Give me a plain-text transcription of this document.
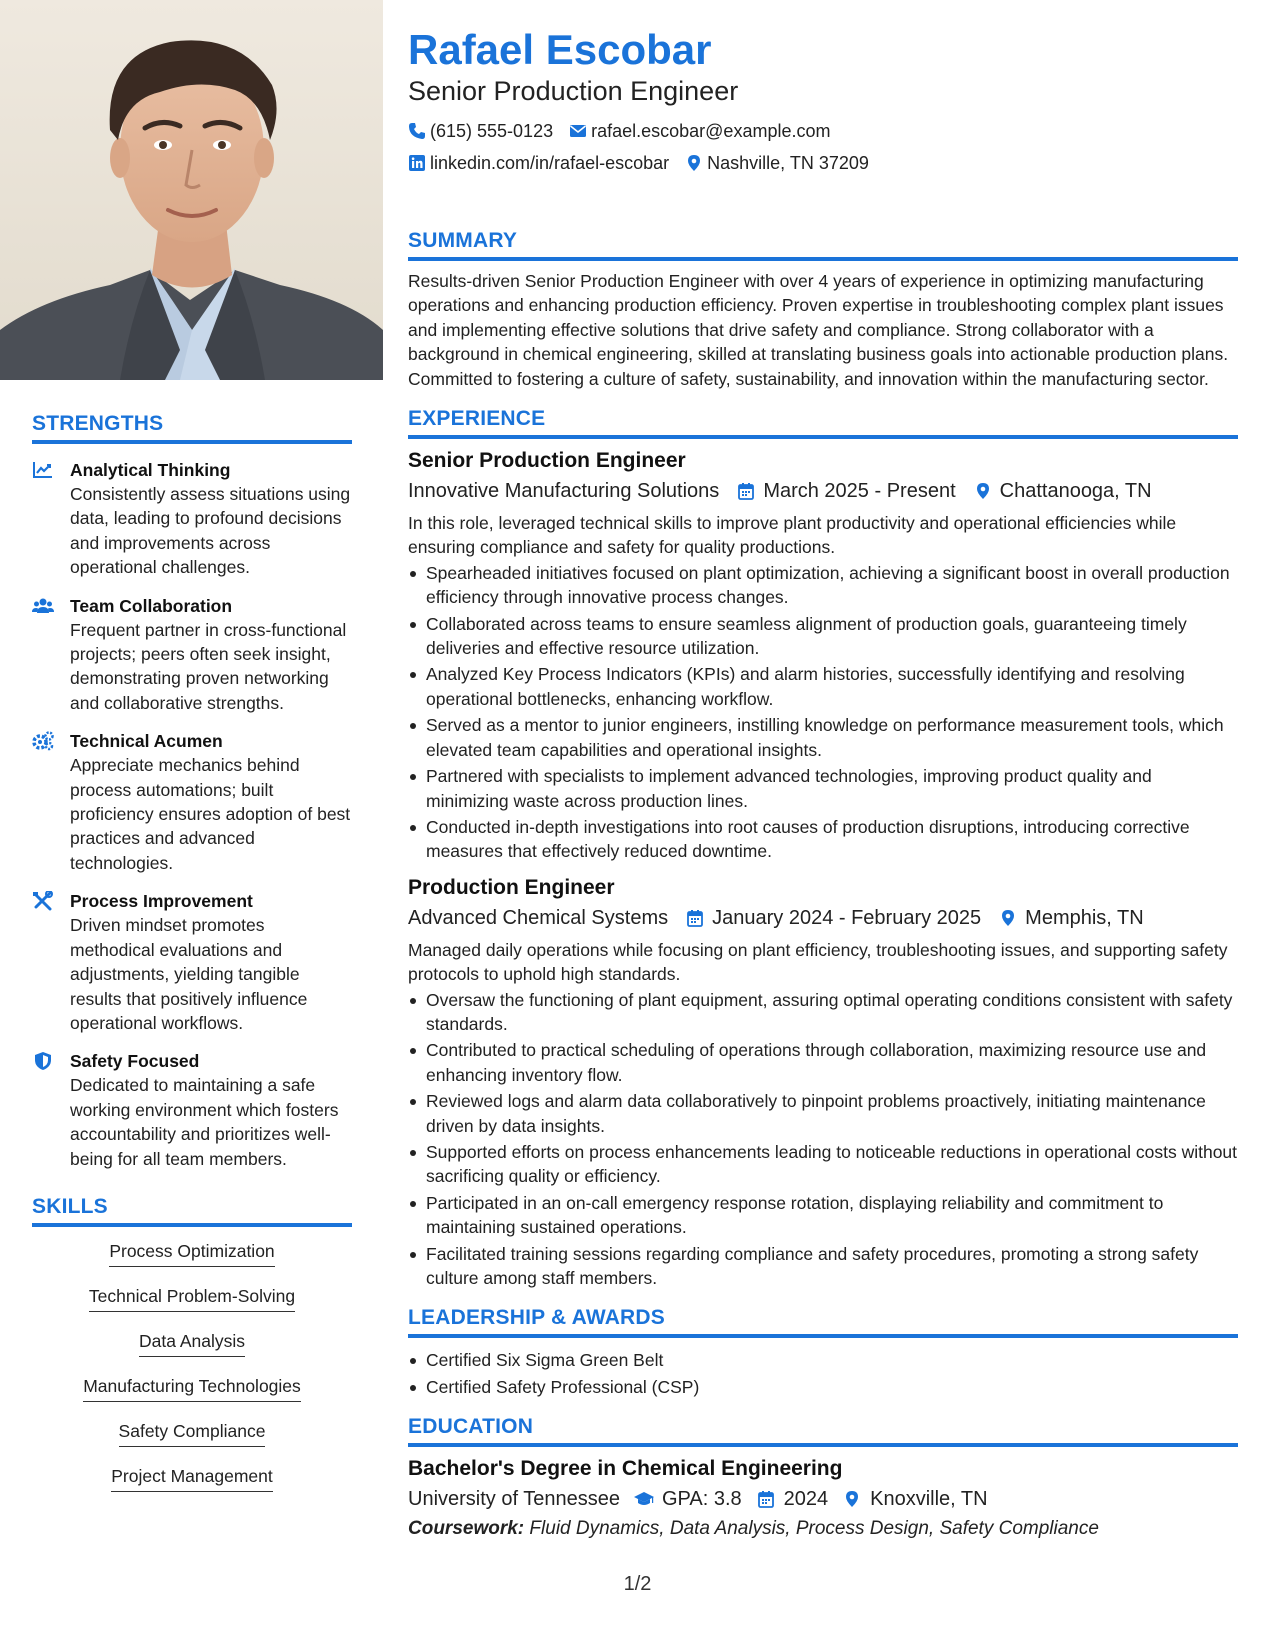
STRENGTHS
Analytical Thinking
Consistently assess situations using data, leading to profound decisions and improvements across operational challenges.
Team Collaboration
Frequent partner in cross-functional projects; peers often seek insight, demonstrating proven networking and collaborative strengths.
Technical Acumen
Appreciate mechanics behind process automations; built proficiency ensures adoption of best practices and advanced technologies.
Process Improvement
Driven mindset promotes methodical evaluations and adjustments, yielding tangible results that positively influence operational workflows.
Safety Focused
Dedicated to maintaining a safe working environment which fosters accountability and prioritizes well-being for all team members.
SKILLS
Process Optimization
Technical Problem-Solving
Data Analysis
Manufacturing Technologies
Safety Compliance
Project Management
Rafael Escobar
Senior Production Engineer
(615) 555-0123 rafael.escobar@example.com
linkedin.com/in/rafael-escobar Nashville, TN 37209
SUMMARY
Results-driven Senior Production Engineer with over 4 years of experience in optimizing manufacturing operations and enhancing production efficiency. Proven expertise in troubleshooting complex plant issues and implementing effective solutions that drive safety and compliance. Strong collaborator with a background in chemical engineering, skilled at translating business goals into actionable production plans. Committed to fostering a culture of safety, sustainability, and innovation within the manufacturing sector.
EXPERIENCE
Senior Production Engineer
Innovative Manufacturing Solutions March 2025 - Present Chattanooga, TN
In this role, leveraged technical skills to improve plant productivity and operational efficiencies while ensuring compliance and safety for quality productions.
Spearheaded initiatives focused on plant optimization, achieving a significant boost in overall production efficiency through innovative process changes.
Collaborated across teams to ensure seamless alignment of production goals, guaranteeing timely deliveries and effective resource utilization.
Analyzed Key Process Indicators (KPIs) and alarm histories, successfully identifying and resolving operational bottlenecks, enhancing workflow.
Served as a mentor to junior engineers, instilling knowledge on performance measurement tools, which elevated team capabilities and operational insights.
Partnered with specialists to implement advanced technologies, improving product quality and minimizing waste across production lines.
Conducted in-depth investigations into root causes of production disruptions, introducing corrective measures that effectively reduced downtime.
Production Engineer
Advanced Chemical Systems January 2024 - February 2025 Memphis, TN
Managed daily operations while focusing on plant efficiency, troubleshooting issues, and supporting safety protocols to uphold high standards.
Oversaw the functioning of plant equipment, assuring optimal operating conditions consistent with safety standards.
Contributed to practical scheduling of operations through collaboration, maximizing resource use and enhancing inventory flow.
Reviewed logs and alarm data collaboratively to pinpoint problems proactively, initiating maintenance driven by data insights.
Supported efforts on process enhancements leading to noticeable reductions in operational costs without sacrificing quality or efficiency.
Participated in an on-call emergency response rotation, displaying reliability and commitment to maintaining sustained operations.
Facilitated training sessions regarding compliance and safety procedures, promoting a strong safety culture among staff members.
LEADERSHIP & AWARDS
Certified Six Sigma Green Belt
Certified Safety Professional (CSP)
EDUCATION
Bachelor's Degree in Chemical Engineering
University of Tennessee GPA: 3.8 2024 Knoxville, TN
Coursework: Fluid Dynamics, Data Analysis, Process Design, Safety Compliance
1/2
